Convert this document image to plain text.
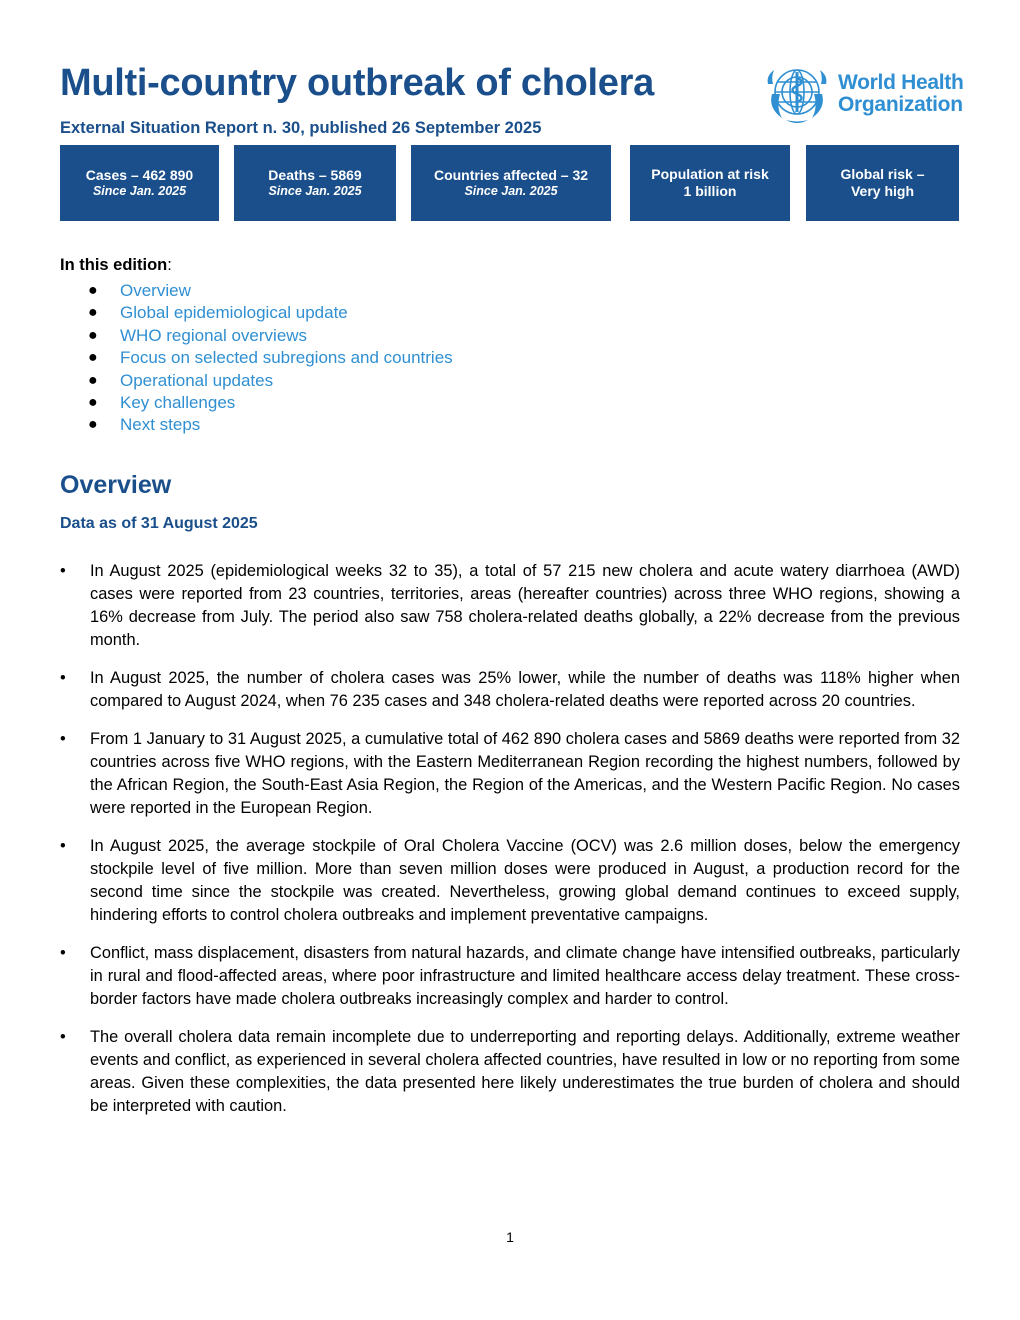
Multi-country outbreak of cholera

External Situation Report n. 30, published 26 September 2025

World Health
Organization
Cases – 462 890
Since Jan. 2025
Deaths – 5869
Since Jan. 2025
Countries affected – 32
Since Jan. 2025
Population at risk
1 billion
Global risk –
Very high

In this edition:

● Overview
● Global epidemiological update
● WHO regional overviews
● Focus on selected subregions and countries
● Operational updates
● Key challenges
● Next steps
Overview

Data as of 31 August 2025

• In August 2025 (epidemiological weeks 32 to 35), a total of 57 215 new cholera and acute watery diarrhoea (AWD) cases were reported from 23 countries, territories, areas (hereafter countries) across three WHO regions, showing a 16% decrease from July. The period also saw 758 cholera-related deaths globally, a 22% decrease from the previous month.
• In August 2025, the number of cholera cases was 25% lower, while the number of deaths was 118% higher when compared to August 2024, when 76 235 cases and 348 cholera-related deaths were reported across 20 countries.
• From 1 January to 31 August 2025, a cumulative total of 462 890 cholera cases and 5869 deaths were reported from 32 countries across five WHO regions, with the Eastern Mediterranean Region recording the highest numbers, followed by the African Region, the South-East Asia Region, the Region of the Americas, and the Western Pacific Region. No cases were reported in the European Region.
• In August 2025, the average stockpile of Oral Cholera Vaccine (OCV) was 2.6 million doses, below the emergency stockpile level of five million. More than seven million doses were produced in August, a production record for the second time since the stockpile was created. Nevertheless, growing global demand continues to exceed supply, hindering efforts to control cholera outbreaks and implement preventative campaigns.
• Conflict, mass displacement, disasters from natural hazards, and climate change have intensified outbreaks, particularly in rural and flood-affected areas, where poor infrastructure and limited healthcare access delay treatment. These cross-border factors have made cholera outbreaks increasingly complex and harder to control.
• The overall cholera data remain incomplete due to underreporting and reporting delays. Additionally, extreme weather events and conflict, as experienced in several cholera affected countries, have resulted in low or no reporting from some areas. Given these complexities, the data presented here likely underestimates the true burden of cholera and should be interpreted with caution.
1
